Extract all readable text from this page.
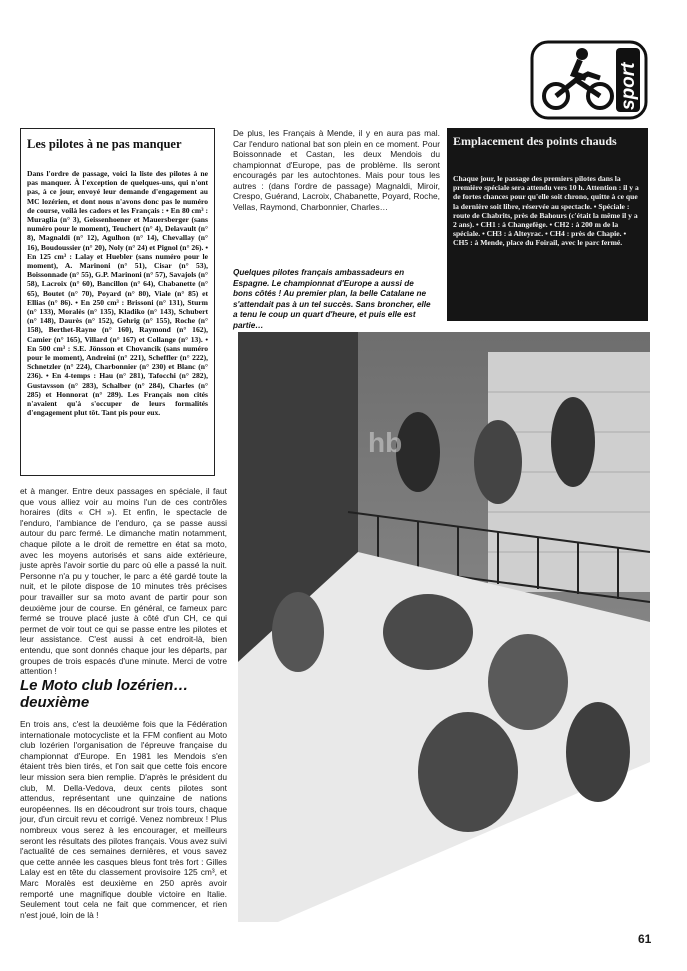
sport
Les pilotes à ne pas manquer
Dans l'ordre de passage, voici la liste des pilotes à ne pas manquer. À l'exception de quelques-uns, qui n'ont pas, à ce jour, envoyé leur demande d'engagement au MC lozérien, et dont nous n'avons donc pas le numéro de course, voilà les cadors et les Français : • En 80 cm³ : Muraglia (n° 3), Geissenhoener et Mauersberger (sans numéro pour le moment), Teuchert (n° 4), Delavault (n° 8), Magnaldi (n° 12), Agulhon (n° 14), Chevallay (n° 16), Boudoussier (n° 20), Noly (n° 24) et Pignol (n° 26). • En 125 cm³ : Lalay et Huebler (sans numéro pour le moment), A. Marinoni (n° 51), Cisar (n° 53), Boissonnade (n° 55), G.P. Marinoni (n° 57), Savajols (n° 58), Lacroix (n° 60), Bancillon (n° 64), Chabanette (n° 65), Boutet (n° 70), Poyard (n° 80), Viale (n° 85) et Ellias (n° 86). • En 250 cm³ : Brissoni (n° 131), Sturm (n° 133), Moralès (n° 135), Kladiko (n° 143), Schubert (n° 148), Daurès (n° 152), Gehrig (n° 155), Roche (n° 158), Berthet-Rayne (n° 160), Raymond (n° 162), Camier (n° 165), Villard (n° 167) et Collange (n° 13). • En 500 cm³ : S.E. Jönsson et Chovancik (sans numéro pour le moment), Andreini (n° 221), Scheffler (n° 222), Schnetzler (n° 224), Charbonnier (n° 230) et Blanc (n° 236). • En 4-temps : Hau (n° 281), Tafocchi (n° 282), Gustavsson (n° 283), Schalber (n° 284), Charles (n° 285) et Honnorat (n° 289). Les Français non cités n'avaient qu'à s'occuper de leurs formalités d'engagement plut tôt. Tant pis pour eux.
De plus, les Français à Mende, il y en aura pas mal. Car l'enduro national bat son plein en ce moment. Pour Boissonnade et Castan, les deux Mendois du championnat d'Europe, pas de problème. Ils seront encouragés par les autochtones. Mais pour tous les autres : (dans l'ordre de passage) Magnaldi, Miroir, Crespo, Guérand, Lacroix, Chabanette, Poyard, Roche, Vellas, Raymond, Charbonnier, Charles…
Quelques pilotes français ambassadeurs en Espagne. Le championnat d'Europe a aussi de bons côtés ! Au premier plan, la belle Catalane ne s'attendait pas à un tel succès. Sans broncher, elle a tenu le coup un quart d'heure, et puis elle est partie…
Emplacement des points chauds
Chaque jour, le passage des premiers pilotes dans la première spéciale sera attendu vers 10 h. Attention : il y a de fortes chances pour qu'elle soit chrono, quitte à ce que la dernière soit libre, réservée au spectacle. • Spéciale : route de Chabrits, près de Bahours (c'était la même il y a 2 ans). • CH1 : à Changefège. • CH2 : à 200 m de la spéciale. • CH3 : à Alteyrac. • CH4 : près de Chapie. • CH5 : à Mende, place du Foirail, avec le parc fermé.
hb
et à manger. Entre deux passages en spéciale, il faut que vous alliez voir au moins l'un de ces contrôles horaires (dits « CH »). Et enfin, le spectacle de l'enduro, l'ambiance de l'enduro, ça se passe aussi autour du parc fermé. Le dimanche matin notamment, chaque pilote a le droit de remettre en état sa moto, avec les moyens autorisés et sans aide extérieure, juste après l'avoir sortie du parc où elle a passé la nuit. Personne n'a pu y toucher, le parc a été gardé toute la nuit, et le pilote dispose de 10 minutes très précises pour travailler sur sa moto avant de partir pour son deuxième jour de course. En général, ce fameux parc fermé se trouve placé juste à côté d'un CH, ce qui permet de voir tout ce qui se passe entre les pilotes et leur assistance. C'est aussi à cet endroit-là, bien entendu, que sont donnés chaque jour les départs, par groupes de trois espacés d'une minute. Merci de votre attention !
Le Moto club lozérien… deuxième
En trois ans, c'est la deuxième fois que la Fédération internationale motocycliste et la FFM confient au Moto club lozérien l'organisation de l'épreuve française du championnat d'Europe. En 1981 les Mendois s'en étaient très bien tirés, et l'on sait que cette fois encore leur mission sera bien remplie. D'après le président du club, M. Della-Vedova, deux cents pilotes sont attendus, représentant une quinzaine de nations européennes. Ils en découdront sur trois tours, chaque jour, d'un circuit revu et corrigé. Venez nombreux ! Plus nombreux vous serez à les encourager, et meilleurs seront les résultats des pilotes français. Vous avez suivi l'actualité de ces semaines dernières, et vous savez que cette année les casques bleus font très fort : Gilles Lalay est en tête du classement provisoire 125 cm³, et Marc Moralès est deuxième en 250 après avoir remporté une magnifique double victoire en Italie. Seulement tout cela ne fait que commencer, et rien n'est joué, loin de là !
61
